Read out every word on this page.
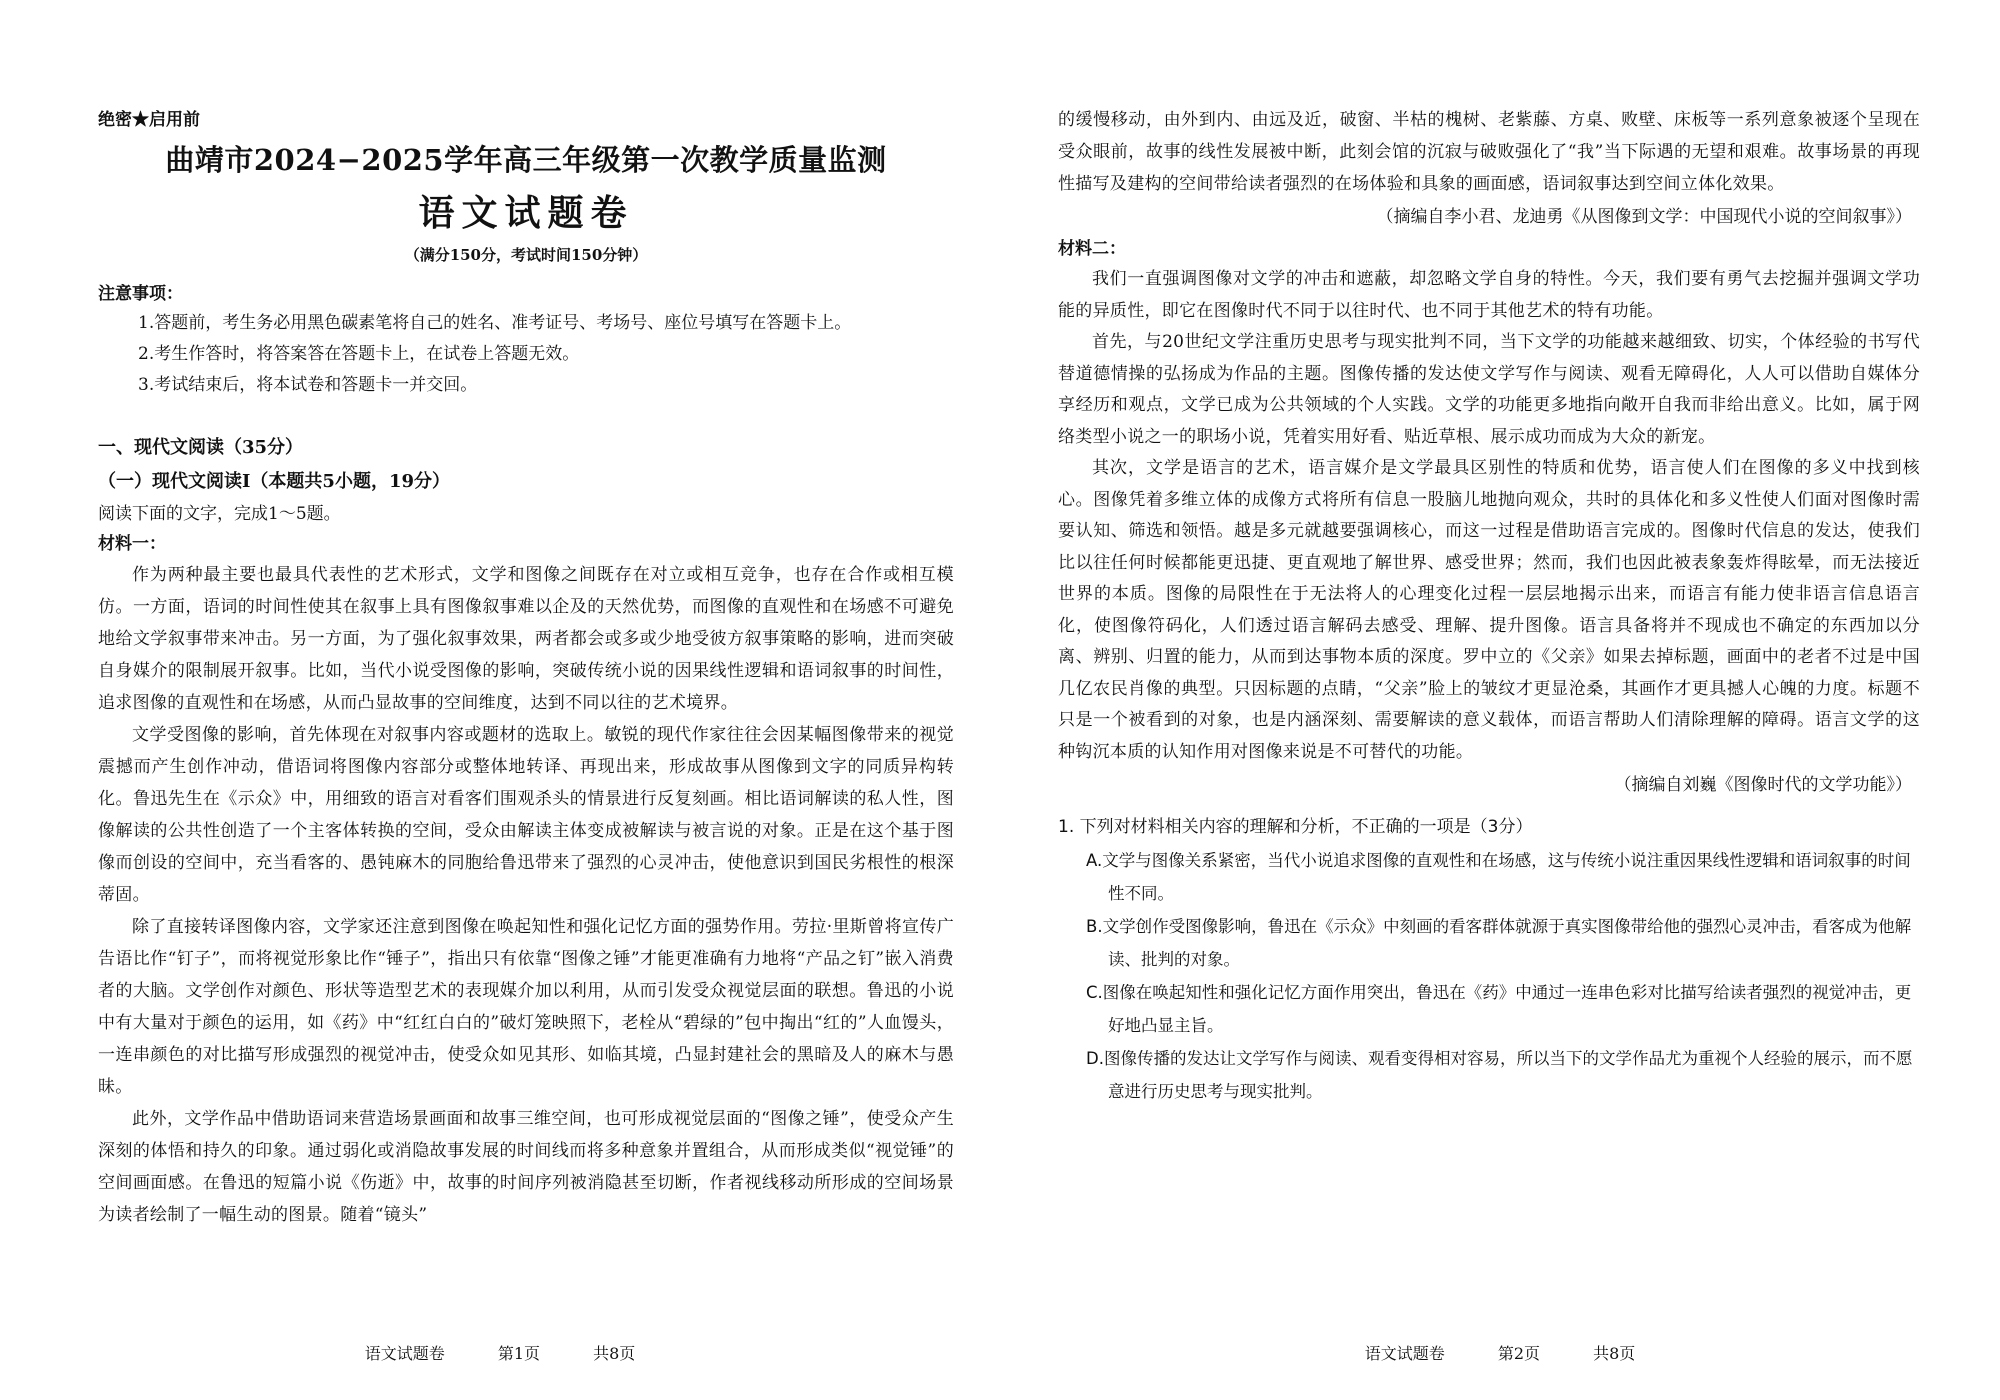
绝密★启用前

曲靖市2024−2025学年高三年级第一次教学质量监测

语文试题卷

（满分150分，考试时间150分钟）

注意事项：

1.答题前，考生务必用黑色碳素笔将自己的姓名、准考证号、考场号、座位号填写在答题卡上。

2.考生作答时，将答案答在答题卡上，在试卷上答题无效。

3.考试结束后，将本试卷和答题卡一并交回。

一、现代文阅读（35分）

（一）现代文阅读Ⅰ（本题共5小题，19分）

阅读下面的文字，完成1～5题。

材料一：

作为两种最主要也最具代表性的艺术形式，文学和图像之间既存在对立或相互竞争，也存在合作或相互模仿。一方面，语词的时间性使其在叙事上具有图像叙事难以企及的天然优势，而图像的直观性和在场感不可避免地给文学叙事带来冲击。另一方面，为了强化叙事效果，两者都会或多或少地受彼方叙事策略的影响，进而突破自身媒介的限制展开叙事。比如，当代小说受图像的影响，突破传统小说的因果线性逻辑和语词叙事的时间性，追求图像的直观性和在场感，从而凸显故事的空间维度，达到不同以往的艺术境界。

文学受图像的影响，首先体现在对叙事内容或题材的选取上。敏锐的现代作家往往会因某幅图像带来的视觉震撼而产生创作冲动，借语词将图像内容部分或整体地转译、再现出来，形成故事从图像到文字的同质异构转化。鲁迅先生在《示众》中，用细致的语言对看客们围观杀头的情景进行反复刻画。相比语词解读的私人性，图像解读的公共性创造了一个主客体转换的空间，受众由解读主体变成被解读与被言说的对象。正是在这个基于图像而创设的空间中，充当看客的、愚钝麻木的同胞给鲁迅带来了强烈的心灵冲击，使他意识到国民劣根性的根深蒂固。

除了直接转译图像内容，文学家还注意到图像在唤起知性和强化记忆方面的强势作用。劳拉·里斯曾将宣传广告语比作“钉子”，而将视觉形象比作“锤子”，指出只有依靠“图像之锤”才能更准确有力地将“产品之钉”嵌入消费者的大脑。文学创作对颜色、形状等造型艺术的表现媒介加以利用，从而引发受众视觉层面的联想。鲁迅的小说中有大量对于颜色的运用，如《药》中“红红白白的”破灯笼映照下，老栓从“碧绿的”包中掏出“红的”人血馒头，一连串颜色的对比描写形成强烈的视觉冲击，使受众如见其形、如临其境，凸显封建社会的黑暗及人的麻木与愚昧。

此外，文学作品中借助语词来营造场景画面和故事三维空间，也可形成视觉层面的“图像之锤”，使受众产生深刻的体悟和持久的印象。通过弱化或消隐故事发展的时间线而将多种意象并置组合，从而形成类似“视觉锤”的空间画面感。在鲁迅的短篇小说《伤逝》中，故事的时间序列被消隐甚至切断，作者视线移动所形成的空间场景为读者绘制了一幅生动的图景。随着“镜头”

语文试题卷	第1页	共8页

的缓慢移动，由外到内、由远及近，破窗、半枯的槐树、老紫藤、方桌、败壁、床板等一系列意象被逐个呈现在受众眼前，故事的线性发展被中断，此刻会馆的沉寂与破败强化了“我”当下际遇的无望和艰难。故事场景的再现性描写及建构的空间带给读者强烈的在场体验和具象的画面感，语词叙事达到空间立体化效果。

（摘编自李小君、龙迪勇《从图像到文学：中国现代小说的空间叙事》）

材料二：

我们一直强调图像对文学的冲击和遮蔽，却忽略文学自身的特性。今天，我们要有勇气去挖掘并强调文学功能的异质性，即它在图像时代不同于以往时代、也不同于其他艺术的特有功能。

首先，与20世纪文学注重历史思考与现实批判不同，当下文学的功能越来越细致、切实，个体经验的书写代替道德情操的弘扬成为作品的主题。图像传播的发达使文学写作与阅读、观看无障碍化，人人可以借助自媒体分享经历和观点，文学已成为公共领域的个人实践。文学的功能更多地指向敞开自我而非给出意义。比如，属于网络类型小说之一的职场小说，凭着实用好看、贴近草根、展示成功而成为大众的新宠。

其次，文学是语言的艺术，语言媒介是文学最具区别性的特质和优势，语言使人们在图像的多义中找到核心。图像凭着多维立体的成像方式将所有信息一股脑儿地抛向观众，共时的具体化和多义性使人们面对图像时需要认知、筛选和领悟。越是多元就越要强调核心，而这一过程是借助语言完成的。图像时代信息的发达，使我们比以往任何时候都能更迅捷、更直观地了解世界、感受世界；然而，我们也因此被表象轰炸得眩晕，而无法接近世界的本质。图像的局限性在于无法将人的心理变化过程一层层地揭示出来，而语言有能力使非语言信息语言化，使图像符码化，人们透过语言解码去感受、理解、提升图像。语言具备将并不现成也不确定的东西加以分离、辨别、归置的能力，从而到达事物本质的深度。罗中立的《父亲》如果去掉标题，画面中的老者不过是中国几亿农民肖像的典型。只因标题的点睛，“父亲”脸上的皱纹才更显沧桑，其画作才更具撼人心魄的力度。标题不只是一个被看到的对象，也是内涵深刻、需要解读的意义载体，而语言帮助人们清除理解的障碍。语言文学的这种钩沉本质的认知作用对图像来说是不可替代的功能。

（摘编自刘巍《图像时代的文学功能》）

1. 下列对材料相关内容的理解和分析，不正确的一项是（3分）

A.文学与图像关系紧密，当代小说追求图像的直观性和在场感，这与传统小说注重因果线性逻辑和语词叙事的时间性不同。
B.文学创作受图像影响，鲁迅在《示众》中刻画的看客群体就源于真实图像带给他的强烈心灵冲击，看客成为他解读、批判的对象。
C.图像在唤起知性和强化记忆方面作用突出，鲁迅在《药》中通过一连串色彩对比描写给读者强烈的视觉冲击，更好地凸显主旨。
D.图像传播的发达让文学写作与阅读、观看变得相对容易，所以当下的文学作品尤为重视个人经验的展示，而不愿意进行历史思考与现实批判。
语文试题卷	第2页	共8页
